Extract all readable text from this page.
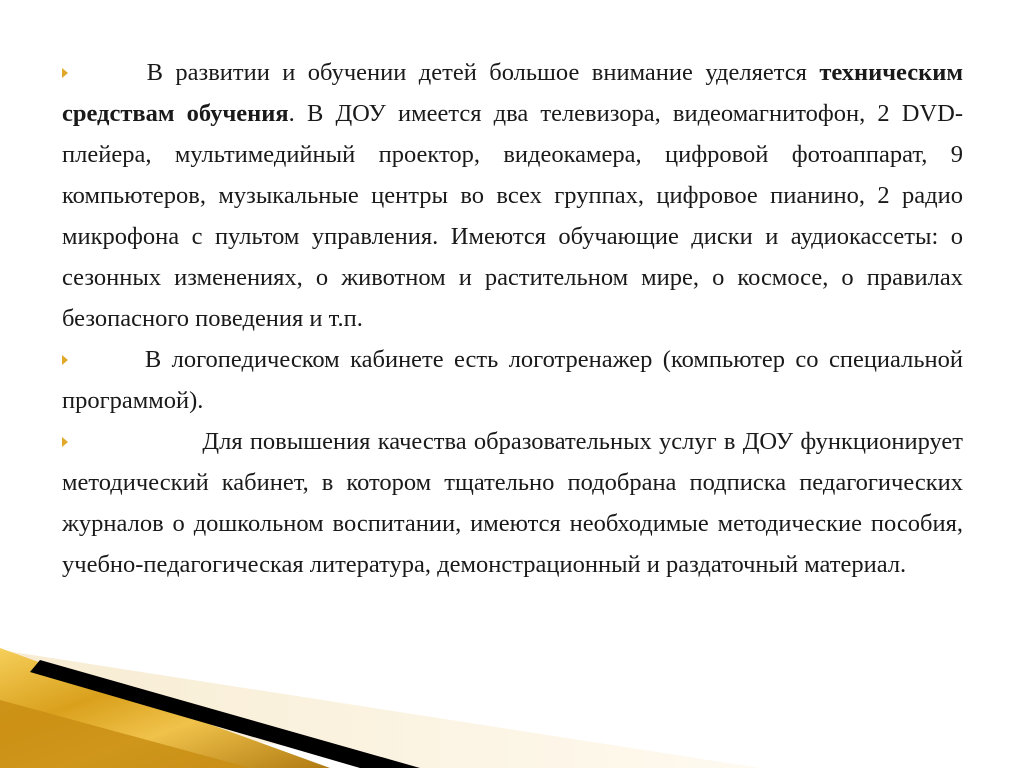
В развитии и обучении детей большое внимание уделяется техническим средствам обучения. В ДОУ имеется два телевизора, видеомагнитофон, 2 DVD-плейера, мультимедийный проектор, видеокамера, цифровой фотоаппарат, 9 компьютеров, музыкальные центры во всех группах, цифровое пианино, 2 радио микрофона с пультом управления. Имеются обучающие диски и аудиокассеты: о сезонных изменениях, о животном и растительном мире, о космосе, о правилах безопасного поведения и т.п.

В логопедическом кабинете есть логотренажер (компьютер со специальной программой).

Для повышения качества образовательных услуг в ДОУ функционирует методический кабинет, в котором тщательно подобрана подписка педагогических журналов о дошкольном воспитании, имеются необходимые методические пособия, учебно-педагогическая литература, демонстрационный и раздаточный материал.
